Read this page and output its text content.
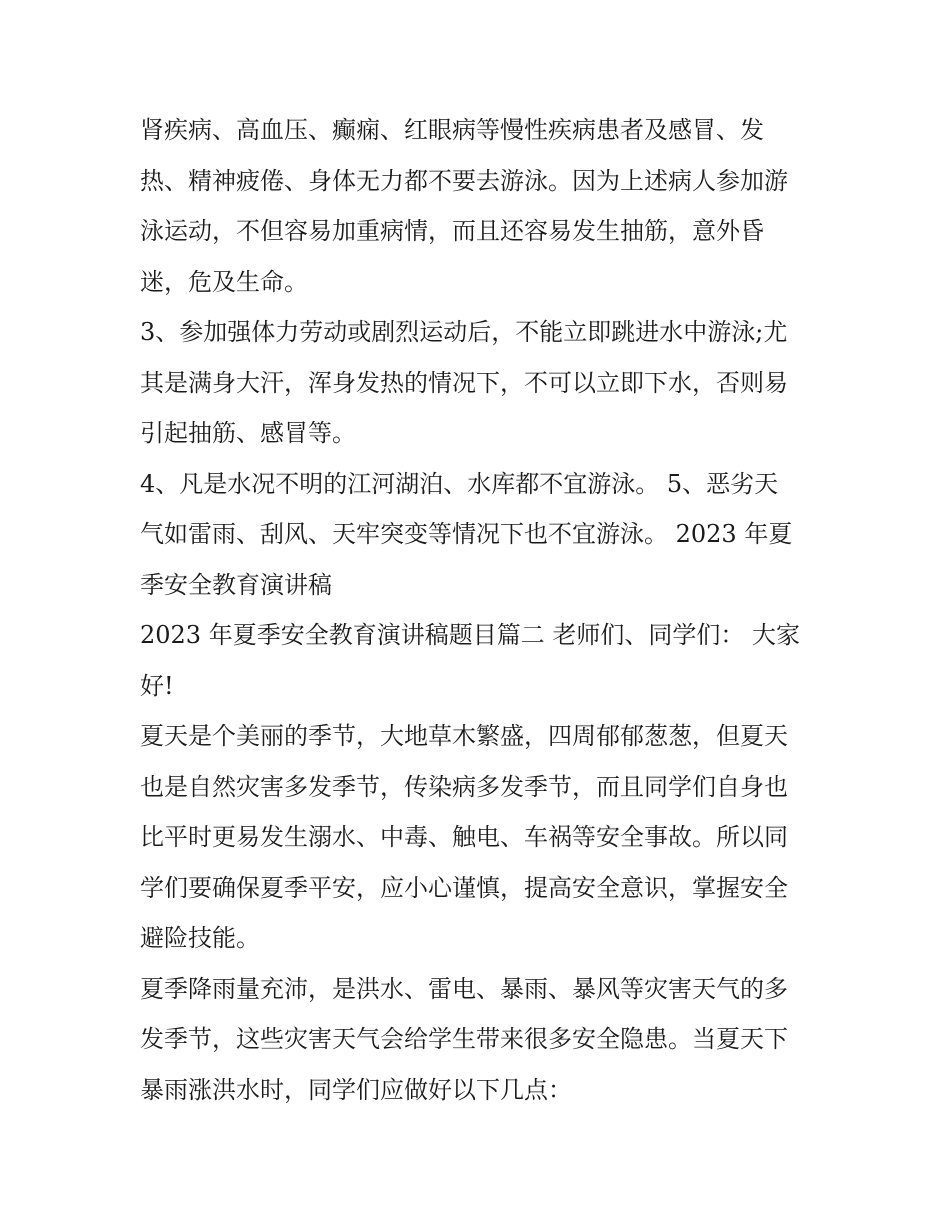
肾疾病、高血压、癫痫、红眼病等慢性疾病患者及感冒、发
热、精神疲倦、身体无力都不要去游泳。因为上述病人参加游
泳运动，不但容易加重病情，而且还容易发生抽筋，意外昏
迷，危及生命。
3、参加强体力劳动或剧烈运动后，不能立即跳进水中游泳;尤
其是满身大汗，浑身发热的情况下，不可以立即下水，否则易
引起抽筋、感冒等。
4、凡是水况不明的江河湖泊、水库都不宜游泳。 5、恶劣天
气如雷雨、刮风、天牢突变等情况下也不宜游泳。 2023 年夏
季安全教育演讲稿
2023 年夏季安全教育演讲稿题目篇二 老师们、同学们： 大家
好!
夏天是个美丽的季节，大地草木繁盛，四周郁郁葱葱，但夏天
也是自然灾害多发季节，传染病多发季节，而且同学们自身也
比平时更易发生溺水、中毒、触电、车祸等安全事故。所以同
学们要确保夏季平安，应小心谨慎，提高安全意识，掌握安全
避险技能。
夏季降雨量充沛，是洪水、雷电、暴雨、暴风等灾害天气的多
发季节，这些灾害天气会给学生带来很多安全隐患。当夏天下
暴雨涨洪水时，同学们应做好以下几点：
